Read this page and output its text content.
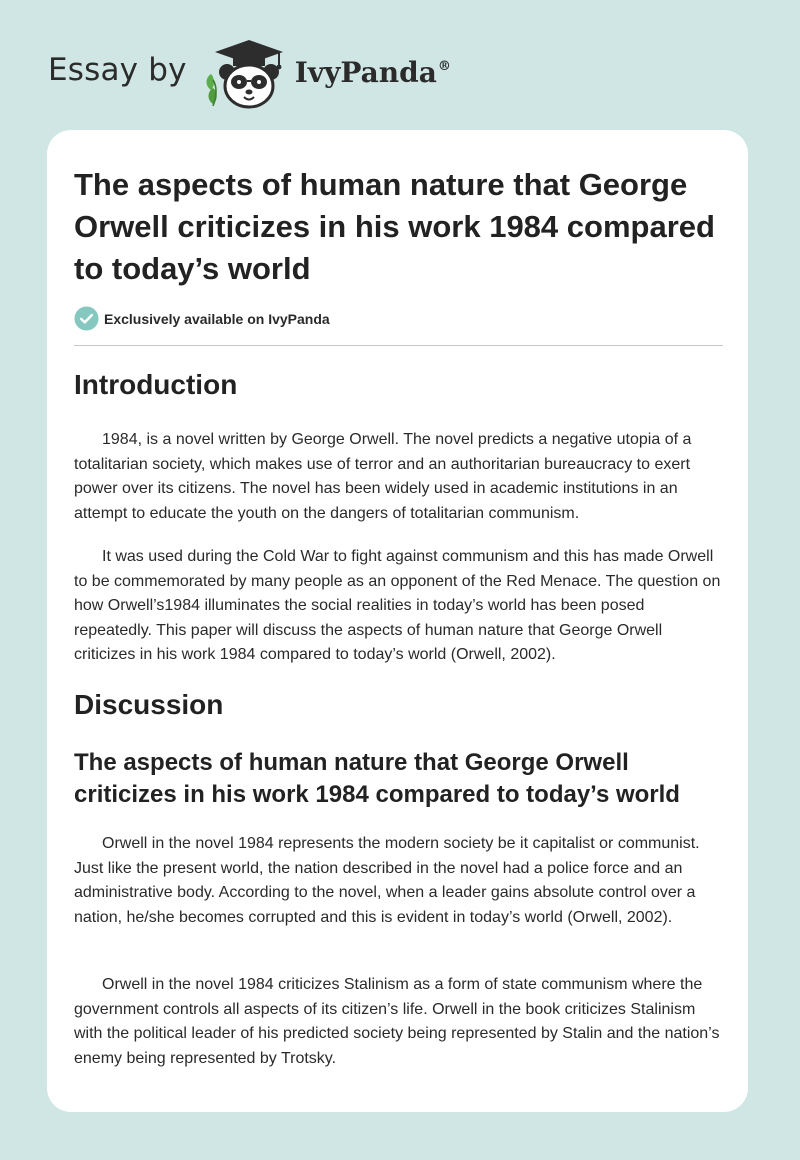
Essay by	IvyPanda®
The aspects of human nature that George Orwell criticizes in his work 1984 compared to today’s world
Exclusively available on IvyPanda
Introduction

1984, is a novel written by George Orwell. The novel predicts a negative utopia of a totalitarian society, which makes use of terror and an authoritarian bureaucracy to exert power over its citizens. The novel has been widely used in academic institutions in an attempt to educate the youth on the dangers of totalitarian communism.

It was used during the Cold War to fight against communism and this has made Orwell to be commemorated by many people as an opponent of the Red Menace. The question on how Orwell’s1984 illuminates the social realities in today’s world has been posed repeatedly. This paper will discuss the aspects of human nature that George Orwell criticizes in his work 1984 compared to today’s world (Orwell, 2002).

Discussion
The aspects of human nature that George Orwell criticizes in his work 1984 compared to today’s world

Orwell in the novel 1984 represents the modern society be it capitalist or communist. Just like the present world, the nation described in the novel had a police force and an administrative body. According to the novel, when a leader gains absolute control over a nation, he/she becomes corrupted and this is evident in today’s world (Orwell, 2002).

Orwell in the novel 1984 criticizes Stalinism as a form of state communism where the government controls all aspects of its citizen’s life. Orwell in the book criticizes Stalinism with the political leader of his predicted society being represented by Stalin and the nation’s enemy being represented by Trotsky.
